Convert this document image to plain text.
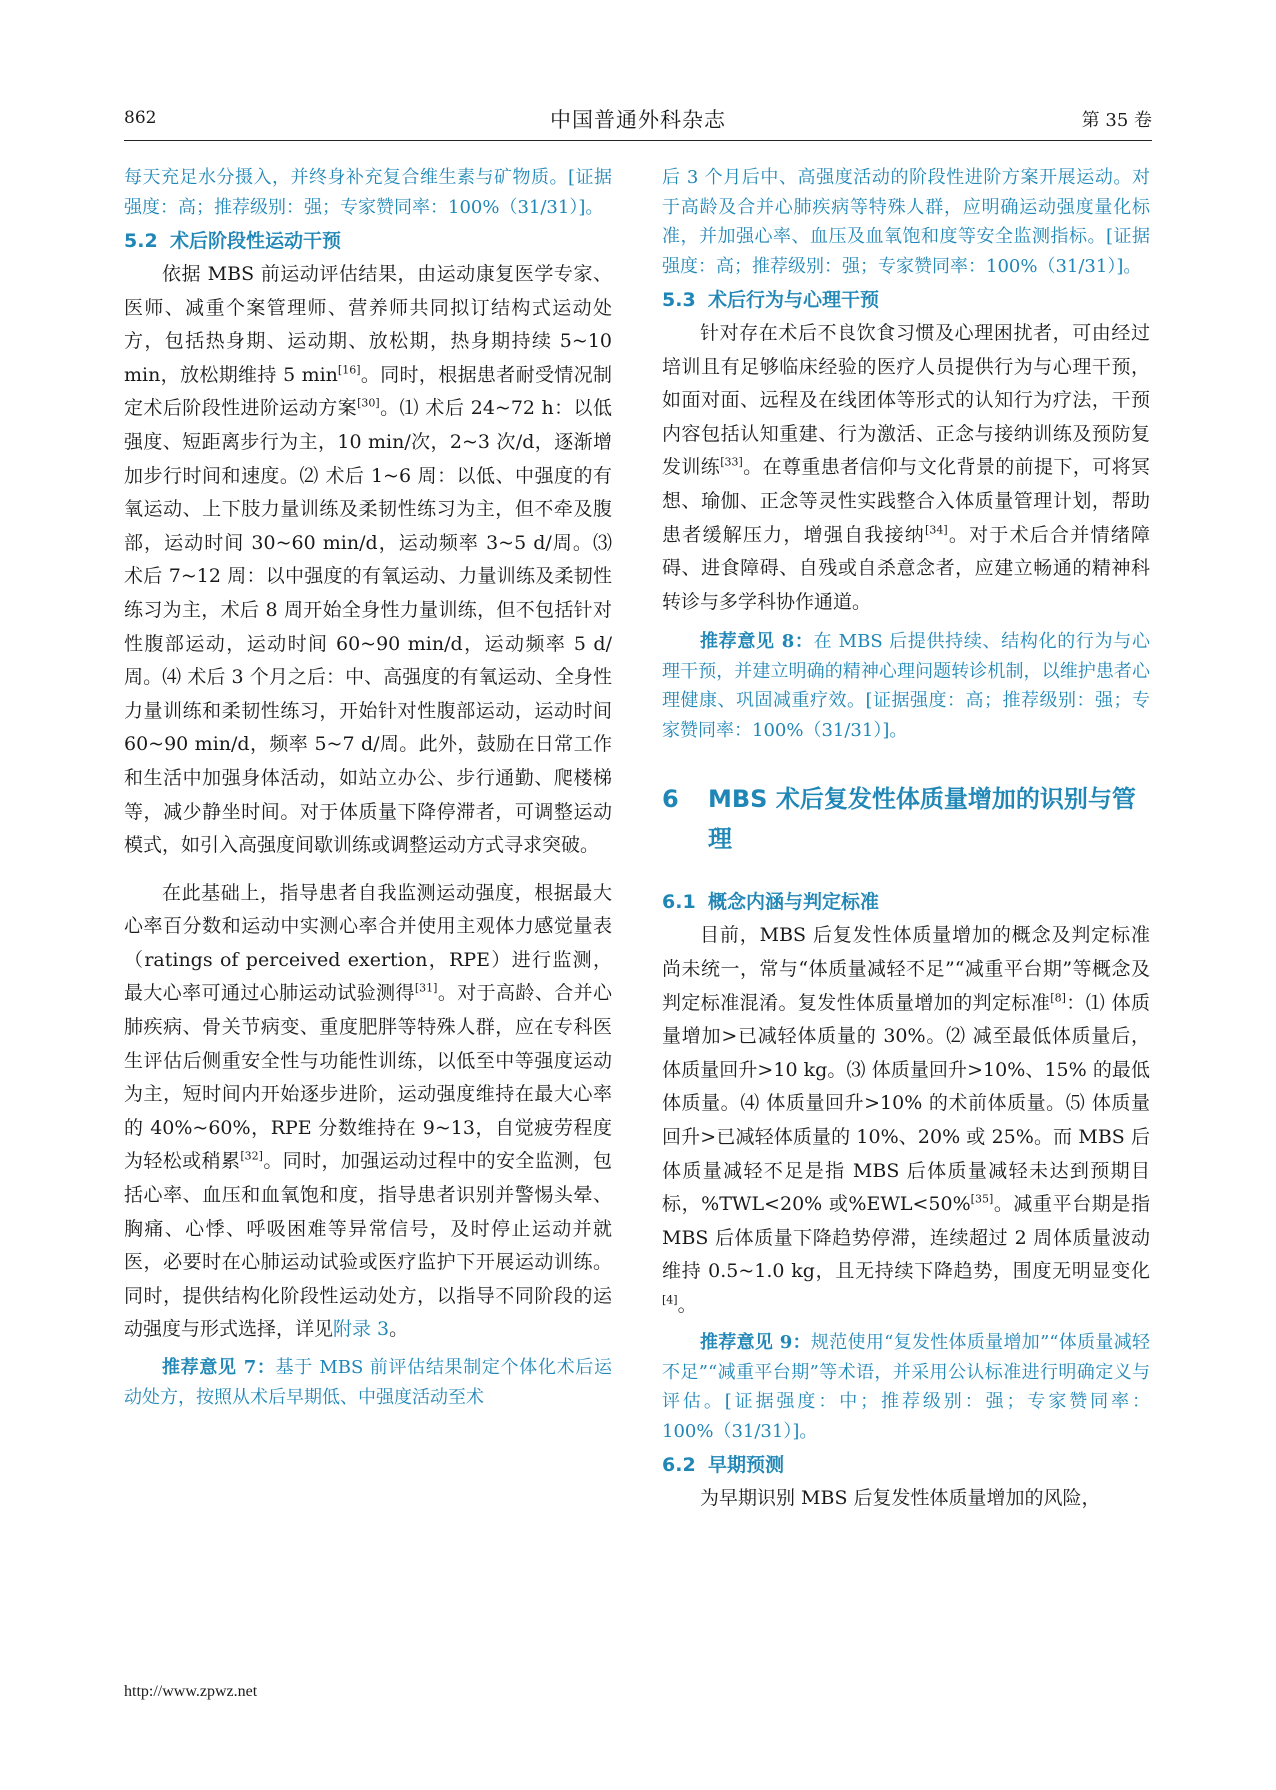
862	中国普通外科杂志	第 35 卷

每天充足水分摄入，并终身补充复合维生素与矿物质。[证据强度：高；推荐级别：强；专家赞同率：100%（31/31）]。

5.2 术后阶段性运动干预

依据 MBS 前运动评估结果，由运动康复医学专家、医师、减重个案管理师、营养师共同拟订结构式运动处方，包括热身期、运动期、放松期，热身期持续 5~10 min，放松期维持 5 min[16]。同时，根据患者耐受情况制定术后阶段性进阶运动方案[30]。⑴ 术后 24~72 h：以低强度、短距离步行为主，10 min/次，2~3 次/d，逐渐增加步行时间和速度。⑵ 术后 1~6 周：以低、中强度的有氧运动、上下肢力量训练及柔韧性练习为主，但不牵及腹部，运动时间 30~60 min/d，运动频率 3~5 d/周。⑶ 术后 7~12 周：以中强度的有氧运动、力量训练及柔韧性练习为主，术后 8 周开始全身性力量训练，但不包括针对性腹部运动，运动时间 60~90 min/d，运动频率 5 d/周。⑷ 术后 3 个月之后：中、高强度的有氧运动、全身性力量训练和柔韧性练习，开始针对性腹部运动，运动时间 60~90 min/d，频率 5~7 d/周。此外，鼓励在日常工作和生活中加强身体活动，如站立办公、步行通勤、爬楼梯等，减少静坐时间。对于体质量下降停滞者，可调整运动模式，如引入高强度间歇训练或调整运动方式寻求突破。

在此基础上，指导患者自我监测运动强度，根据最大心率百分数和运动中实测心率合并使用主观体力感觉量表（ratings of perceived exertion，RPE）进行监测，最大心率可通过心肺运动试验测得[31]。对于高龄、合并心肺疾病、骨关节病变、重度肥胖等特殊人群，应在专科医生评估后侧重安全性与功能性训练，以低至中等强度运动为主，短时间内开始逐步进阶，运动强度维持在最大心率的 40%~60%，RPE 分数维持在 9~13，自觉疲劳程度为轻松或稍累[32]。同时，加强运动过程中的安全监测，包括心率、血压和血氧饱和度，指导患者识别并警惕头晕、胸痛、心悸、呼吸困难等异常信号，及时停止运动并就医，必要时在心肺运动试验或医疗监护下开展运动训练。同时，提供结构化阶段性运动处方，以指导不同阶段的运动强度与形式选择，详见附录 3。

推荐意见 7：基于 MBS 前评估结果制定个体化术后运动处方，按照从术后早期低、中强度活动至术

后 3 个月后中、高强度活动的阶段性进阶方案开展运动。对于高龄及合并心肺疾病等特殊人群，应明确运动强度量化标准，并加强心率、血压及血氧饱和度等安全监测指标。[证据强度：高；推荐级别：强；专家赞同率：100%（31/31）]。

5.3 术后行为与心理干预

针对存在术后不良饮食习惯及心理困扰者，可由经过培训且有足够临床经验的医疗人员提供行为与心理干预，如面对面、远程及在线团体等形式的认知行为疗法，干预内容包括认知重建、行为激活、正念与接纳训练及预防复发训练[33]。在尊重患者信仰与文化背景的前提下，可将冥想、瑜伽、正念等灵性实践整合入体质量管理计划，帮助患者缓解压力，增强自我接纳[34]。对于术后合并情绪障碍、进食障碍、自残或自杀意念者，应建立畅通的精神科转诊与多学科协作通道。

推荐意见 8：在 MBS 后提供持续、结构化的行为与心理干预，并建立明确的精神心理问题转诊机制，以维护患者心理健康、巩固减重疗效。[证据强度：高；推荐级别：强；专家赞同率：100%（31/31）]。

6	MBS 术后复发性体质量增加的识别与管理
6.1 概念内涵与判定标准

目前，MBS 后复发性体质量增加的概念及判定标准尚未统一，常与“体质量减轻不足”“减重平台期”等概念及判定标准混淆。复发性体质量增加的判定标准[8]：⑴ 体质量增加>已减轻体质量的 30%。⑵ 减至最低体质量后，体质量回升>10 kg。⑶ 体质量回升>10%、15% 的最低体质量。⑷ 体质量回升>10% 的术前体质量。⑸ 体质量回升>已减轻体质量的 10%、20% 或 25%。而 MBS 后体质量减轻不足是指 MBS 后体质量减轻未达到预期目标，%TWL<20% 或%EWL<50%[35]。减重平台期是指 MBS 后体质量下降趋势停滞，连续超过 2 周体质量波动维持 0.5~1.0 kg，且无持续下降趋势，围度无明显变化[4]。

推荐意见 9：规范使用“复发性体质量增加”“体质量减轻不足”“减重平台期”等术语，并采用公认标准进行明确定义与评估。[证据强度：中；推荐级别：强；专家赞同率：100%（31/31）]。

6.2 早期预测

为早期识别 MBS 后复发性体质量增加的风险，

http://www.zpwz.net
